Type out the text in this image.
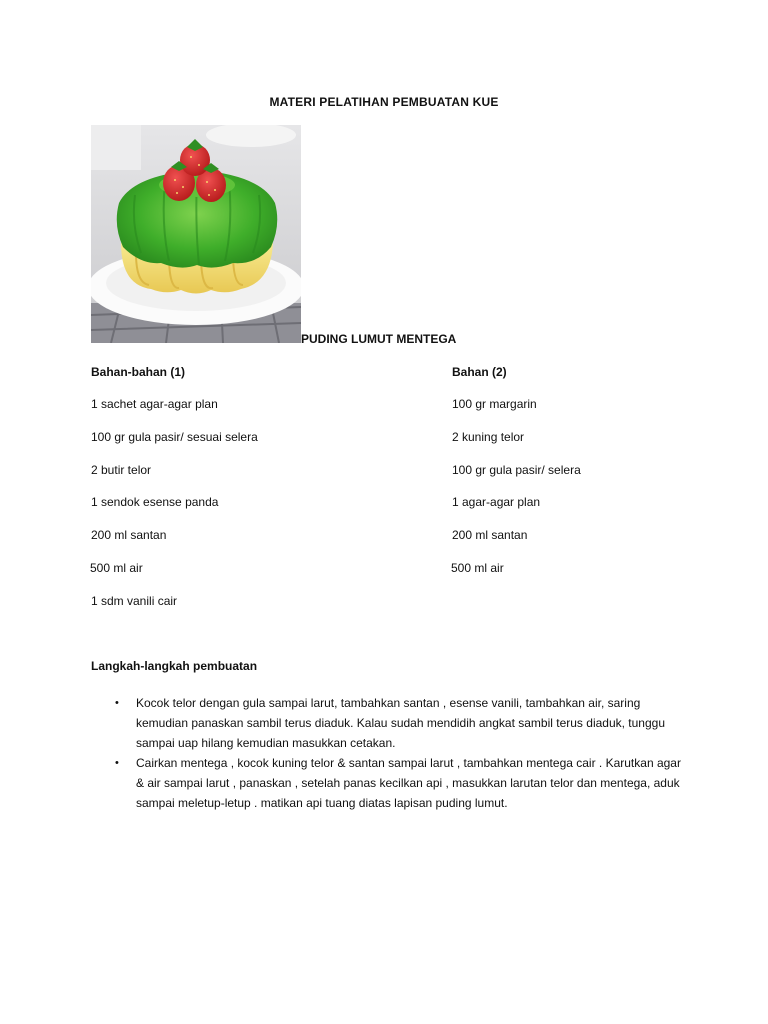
MATERI PELATIHAN PEMBUATAN KUE
PUDING LUMUT MENTEGA
Bahan-bahan (1)
1 sachet agar-agar plan
100 gr gula pasir/ sesuai selera
2 butir telor
1 sendok esense panda
200 ml santan
500 ml air
1 sdm vanili cair
Bahan (2)
100 gr margarin
2 kuning telor
100 gr gula pasir/ selera
1 agar-agar plan
200 ml santan
500 ml air
Langkah-langkah pembuatan
• Kocok telor dengan gula sampai larut, tambahkan santan , esense vanili, tambahkan air, saring kemudian panaskan sambil terus diaduk. Kalau sudah mendidih angkat sambil terus diaduk, tunggu sampai uap hilang kemudian masukkan cetakan.
• Cairkan mentega , kocok kuning telor & santan sampai larut , tambahkan mentega cair . Karutkan agar & air sampai larut , panaskan , setelah panas kecilkan api , masukkan larutan telor dan mentega, aduk sampai meletup-letup . matikan api tuang diatas lapisan puding lumut.
